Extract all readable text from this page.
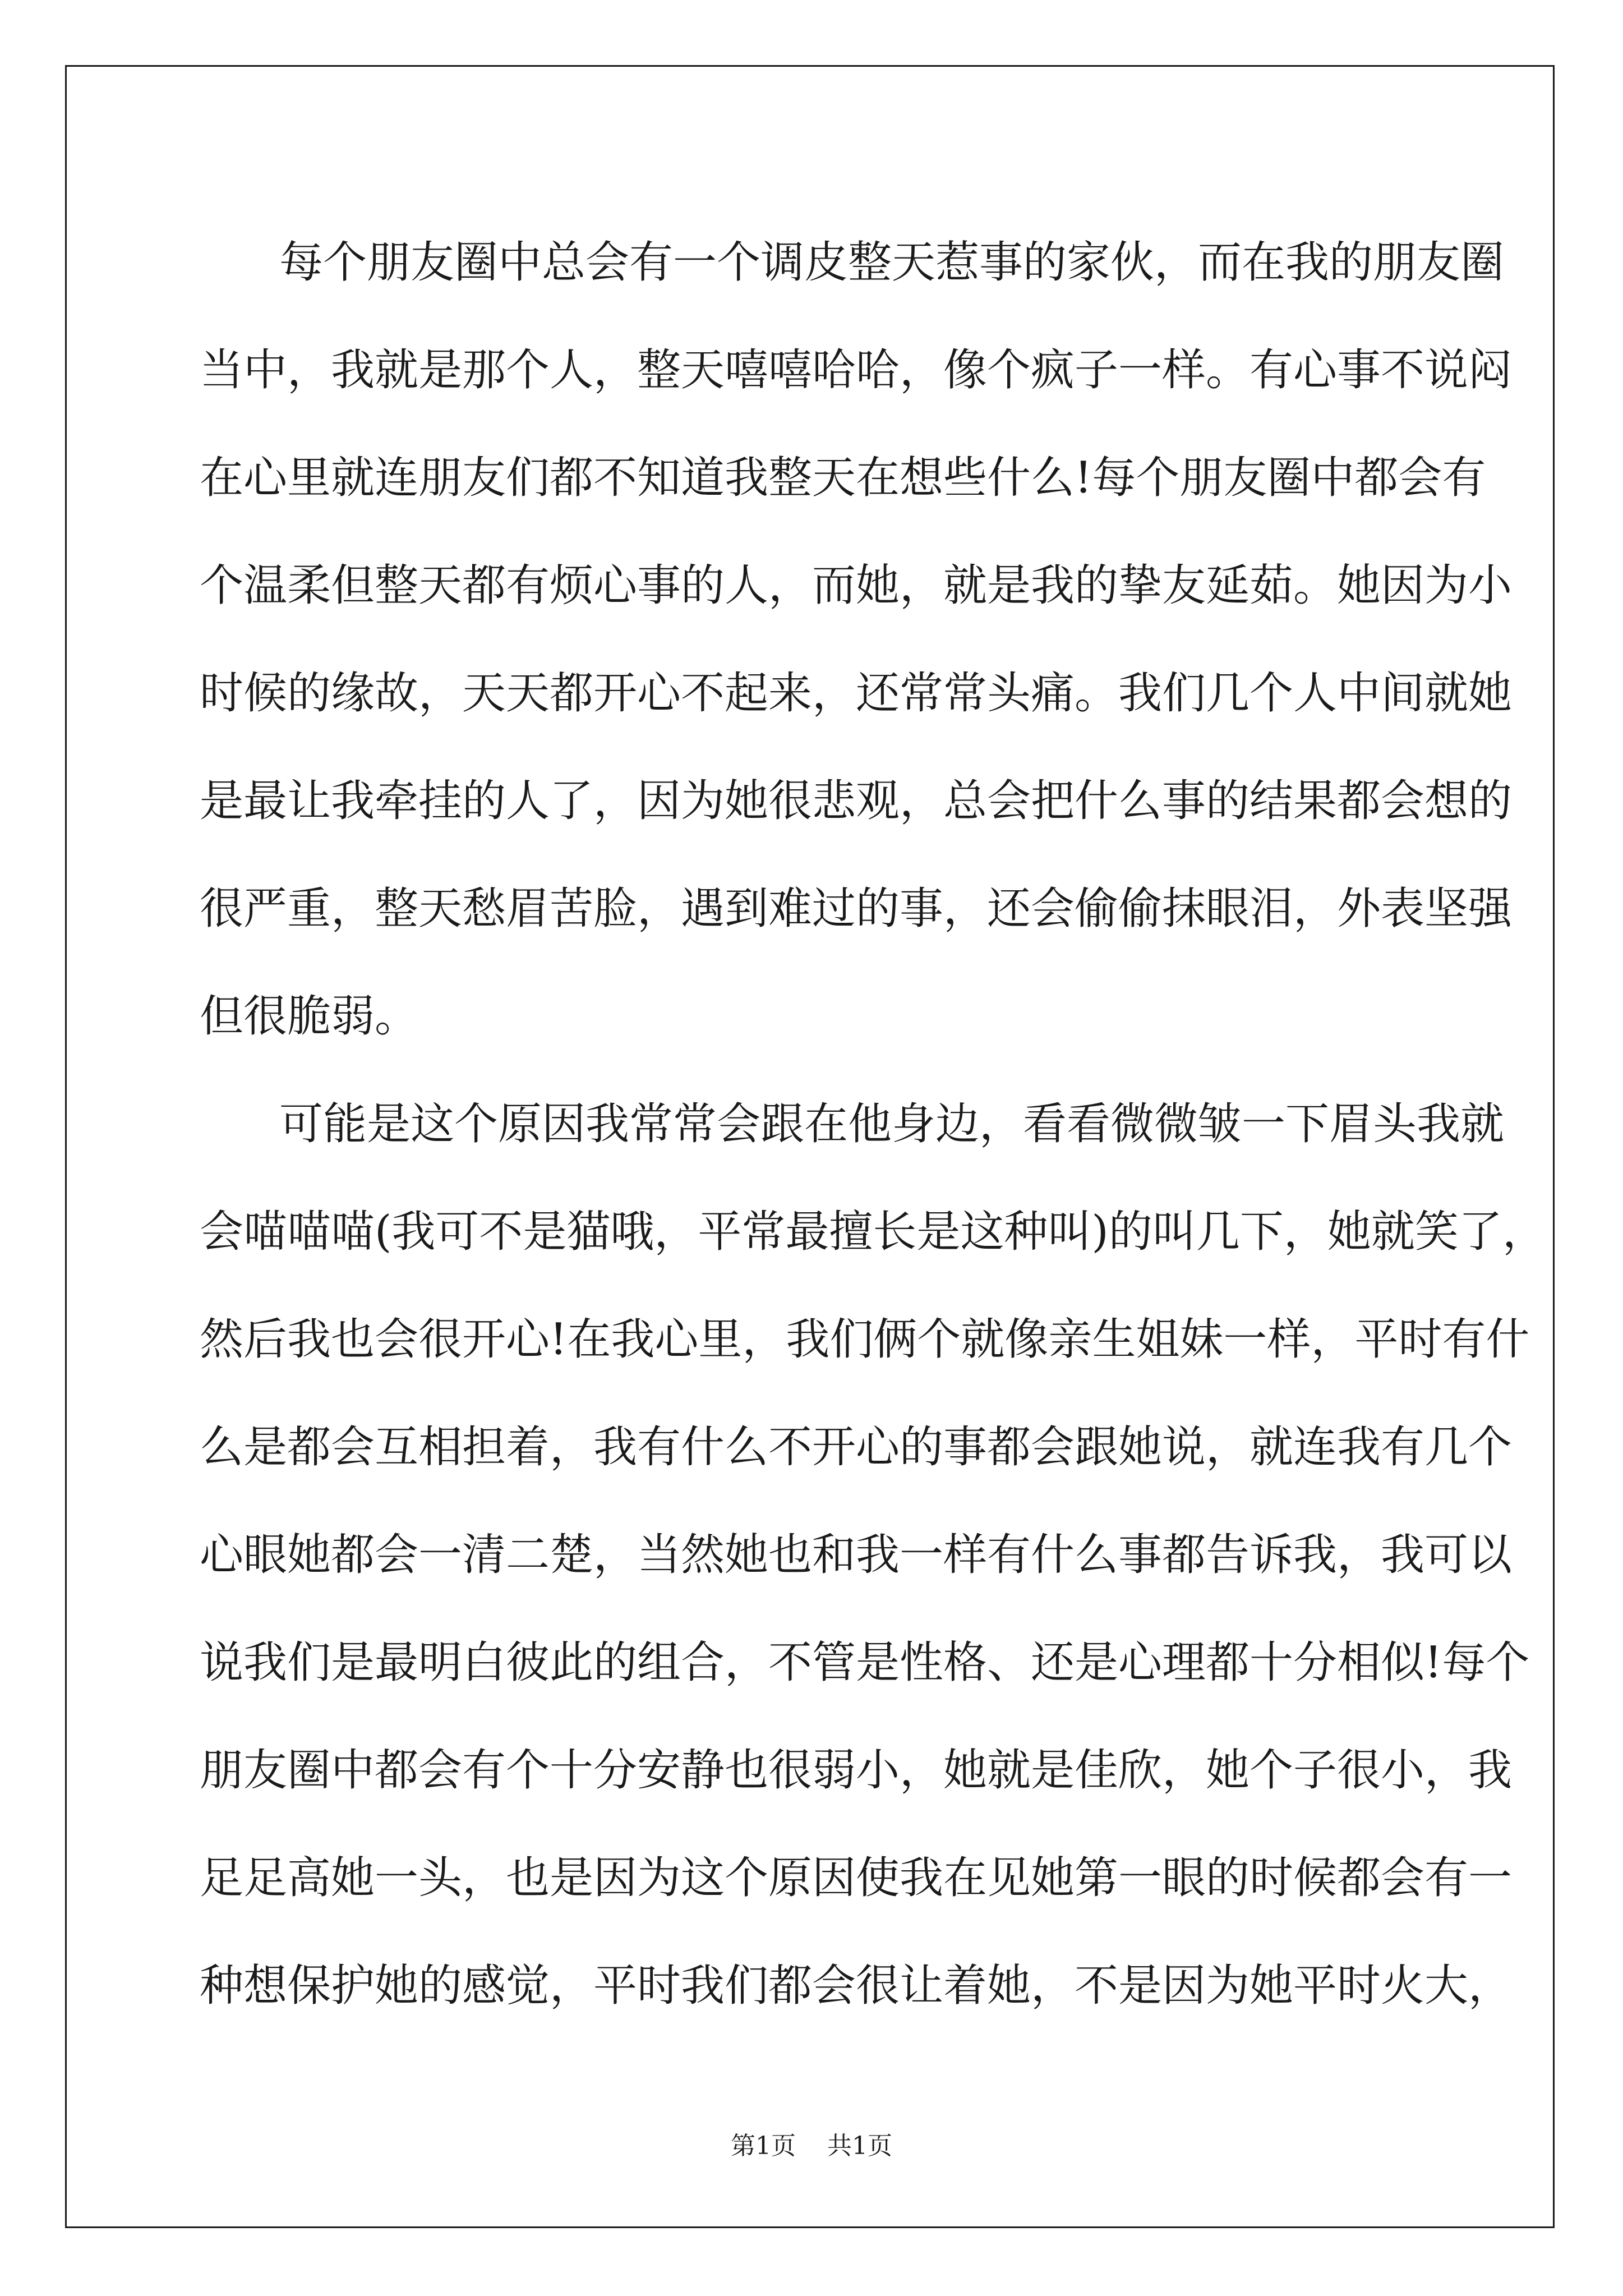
每个朋友圈中总会有一个调皮整天惹事的家伙，而在我的朋友圈
当中，我就是那个人，整天嘻嘻哈哈，像个疯子一样。有心事不说闷
在心里就连朋友们都不知道我整天在想些什么!每个朋友圈中都会有
个温柔但整天都有烦心事的人，而她，就是我的挚友延茹。她因为小
时候的缘故，天天都开心不起来，还常常头痛。我们几个人中间就她
是最让我牵挂的人了，因为她很悲观，总会把什么事的结果都会想的
很严重，整天愁眉苦脸，遇到难过的事，还会偷偷抹眼泪，外表坚强
但很脆弱。
可能是这个原因我常常会跟在他身边，看看微微皱一下眉头我就
会喵喵喵(我可不是猫哦，平常最擅长是这种叫)的叫几下，她就笑了，
然后我也会很开心!在我心里，我们俩个就像亲生姐妹一样，平时有什
么是都会互相担着，我有什么不开心的事都会跟她说，就连我有几个
心眼她都会一清二楚，当然她也和我一样有什么事都告诉我，我可以
说我们是最明白彼此的组合，不管是性格、还是心理都十分相似!每个
朋友圈中都会有个十分安静也很弱小，她就是佳欣，她个子很小，我
足足高她一头，也是因为这个原因使我在见她第一眼的时候都会有一
种想保护她的感觉，平时我们都会很让着她，不是因为她平时火大，
第1页 共1页
